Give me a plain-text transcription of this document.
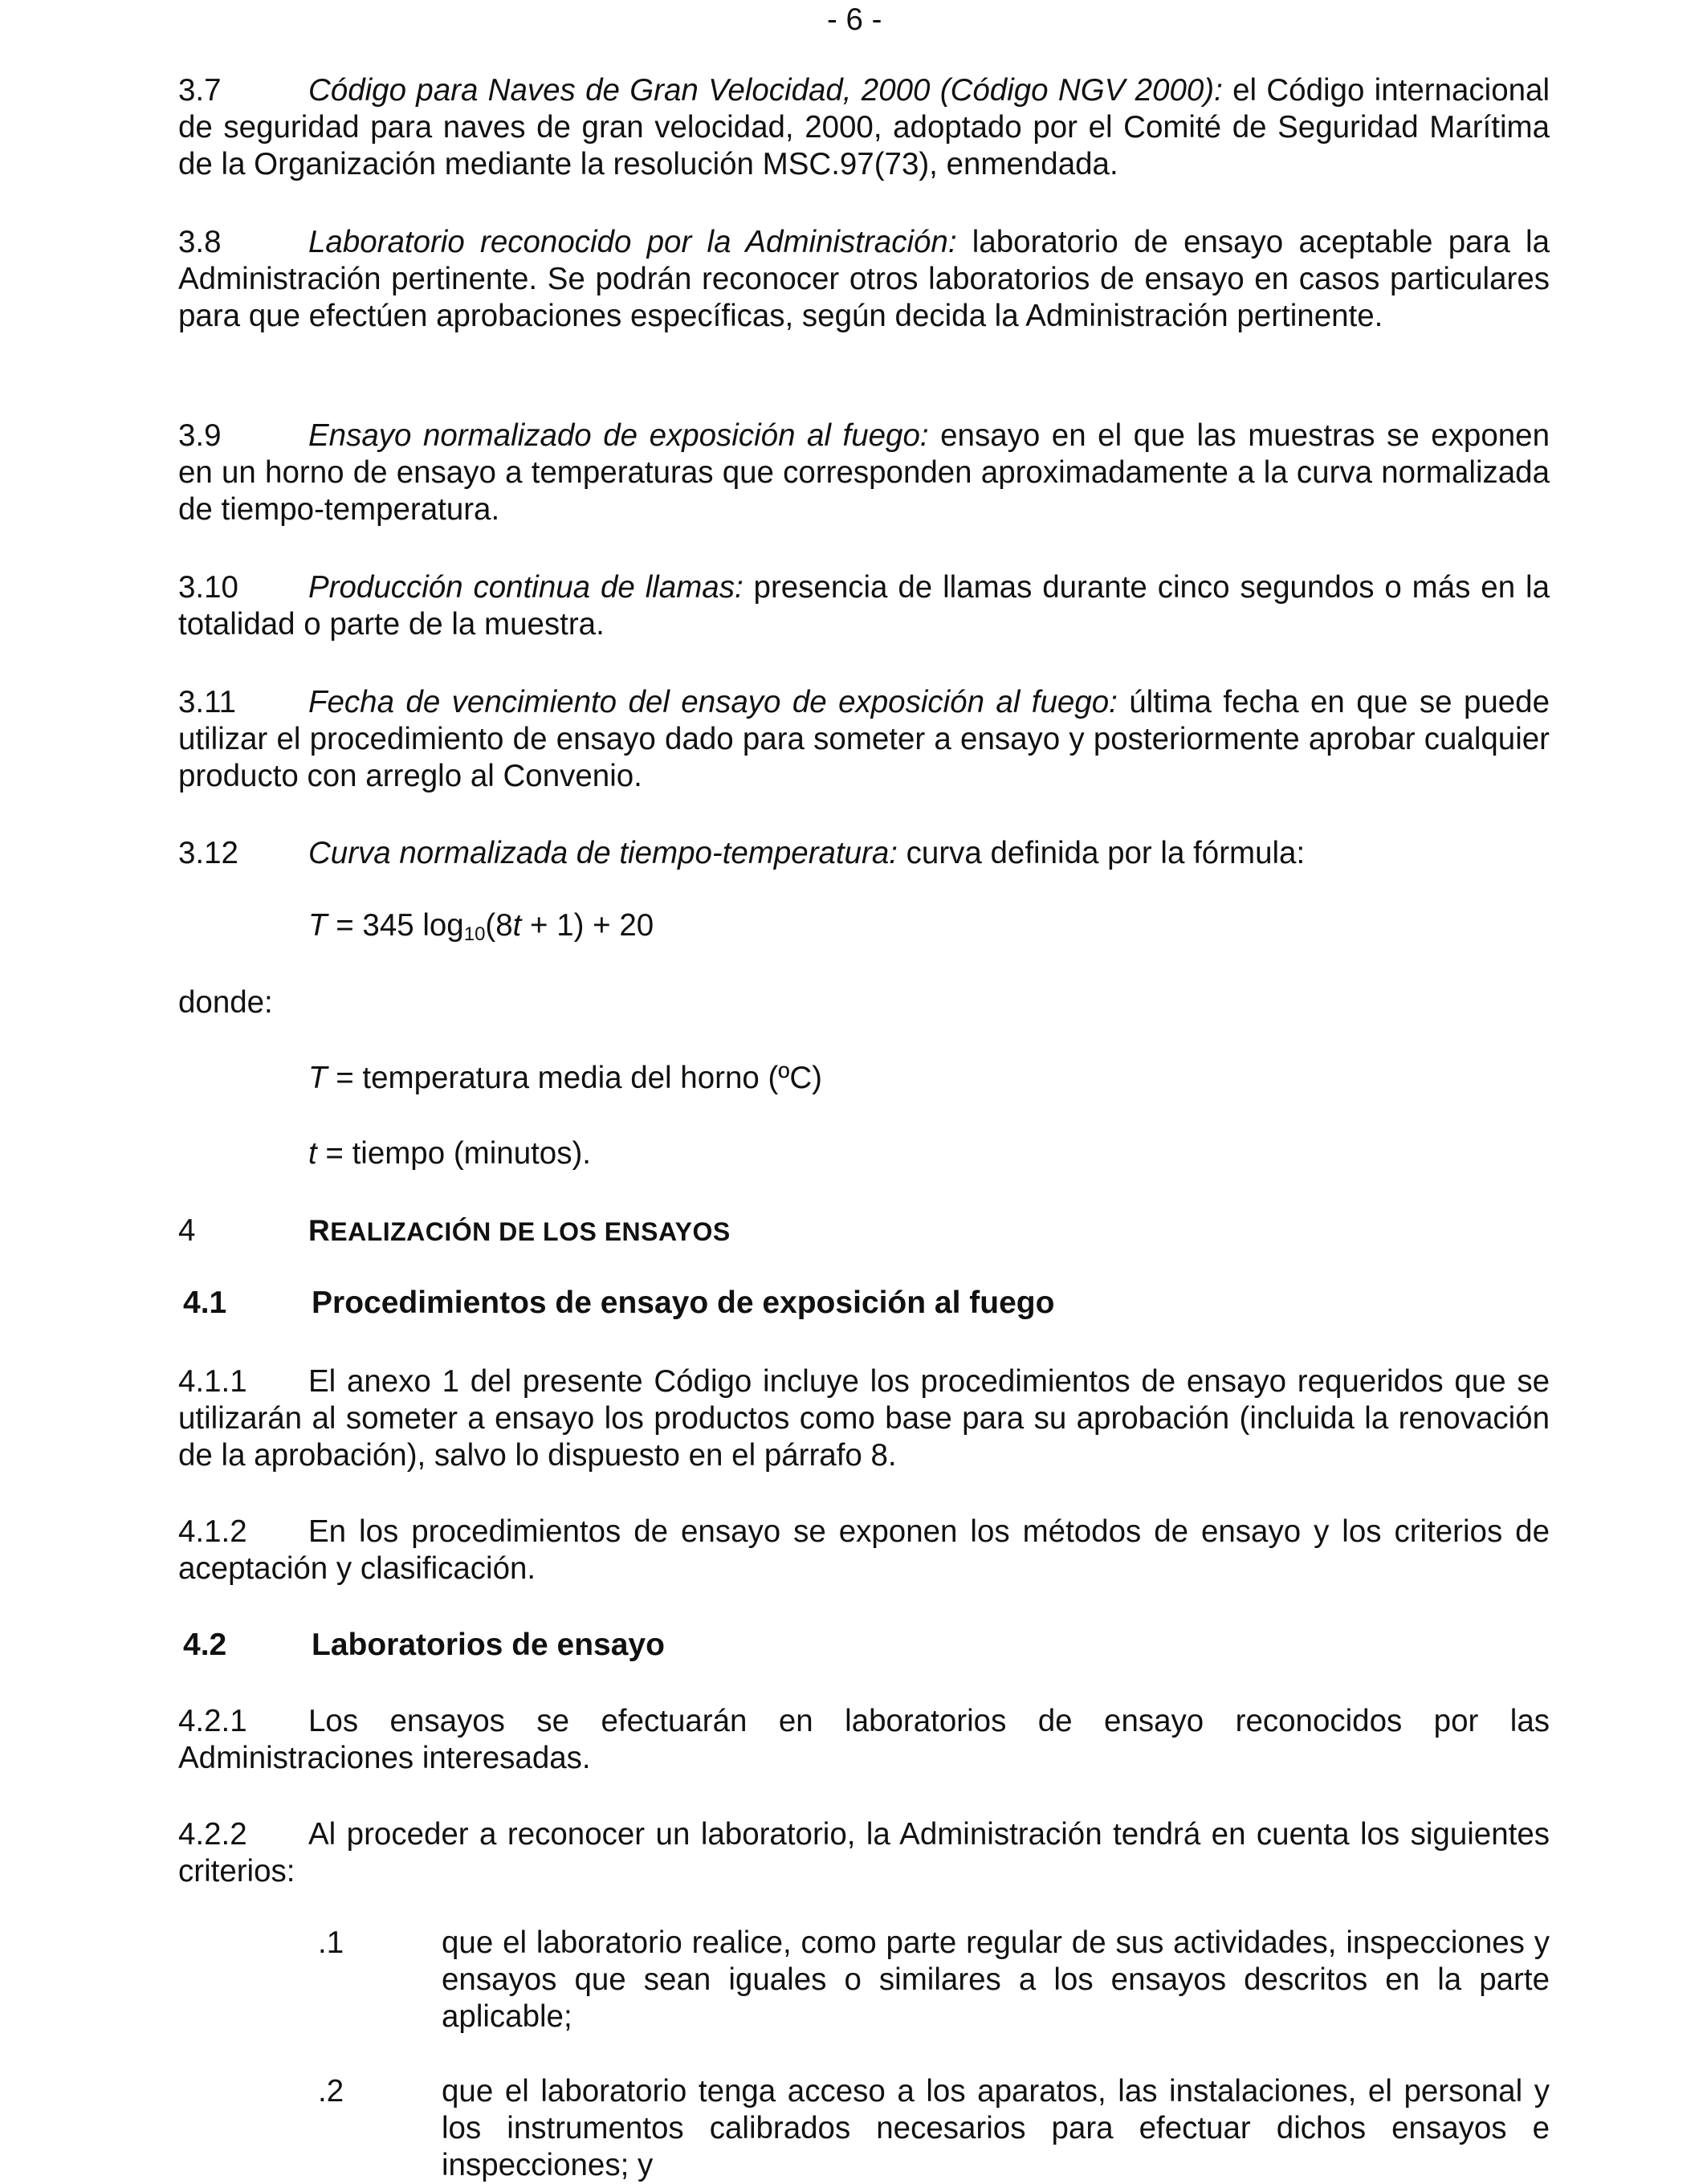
- 6 -

3.7	Código para Naves de Gran Velocidad, 2000 (Código NGV 2000): el Código internacional de seguridad para naves de gran velocidad, 2000, adoptado por el Comité de Seguridad Marítima de la Organización mediante la resolución MSC.97(73), enmendada.

3.8	Laboratorio reconocido por la Administración: laboratorio de ensayo aceptable para la Administración pertinente. Se podrán reconocer otros laboratorios de ensayo en casos particulares para que efectúen aprobaciones específicas, según decida la Administración pertinente.

3.9	Ensayo normalizado de exposición al fuego: ensayo en el que las muestras se exponen en un horno de ensayo a temperaturas que corresponden aproximadamente a la curva normalizada de tiempo-temperatura.

3.10 Producción continua de llamas: presencia de llamas durante cinco segundos o más en la totalidad o parte de la muestra.

3.11 Fecha de vencimiento del ensayo de exposición al fuego: última fecha en que se puede utilizar el procedimiento de ensayo dado para someter a ensayo y posteriormente aprobar cualquier producto con arreglo al Convenio.

3.12 Curva normalizada de tiempo-temperatura: curva definida por la fórmula:

T = 345 $\log_{10}(8t + 1) + 20$
donde:
T = temperatura media del horno (ºC)
t = tiempo (minutos).
4	REALIZACIÓN DE LOS ENSAYOS
4.1	Procedimientos de ensayo de exposición al fuego

4.1.1 El anexo 1 del presente Código incluye los procedimientos de ensayo requeridos que se utilizarán al someter a ensayo los productos como base para su aprobación (incluida la renovación de la aprobación), salvo lo dispuesto en el párrafo 8.

4.1.2 En los procedimientos de ensayo se exponen los métodos de ensayo y los criterios de aceptación y clasificación.

4.2	Laboratorios de ensayo

4.2.1 Los ensayos se efectuarán en laboratorios de ensayo reconocidos por las Administraciones interesadas.

4.2.2 Al proceder a reconocer un laboratorio, la Administración tendrá en cuenta los siguientes criterios:

.1	que el laboratorio realice, como parte regular de sus actividades, inspecciones y ensayos que sean iguales o similares a los ensayos descritos en la parte aplicable;
.2	que el laboratorio tenga acceso a los aparatos, las instalaciones, el personal y los instrumentos calibrados necesarios para efectuar dichos ensayos e inspecciones; y
